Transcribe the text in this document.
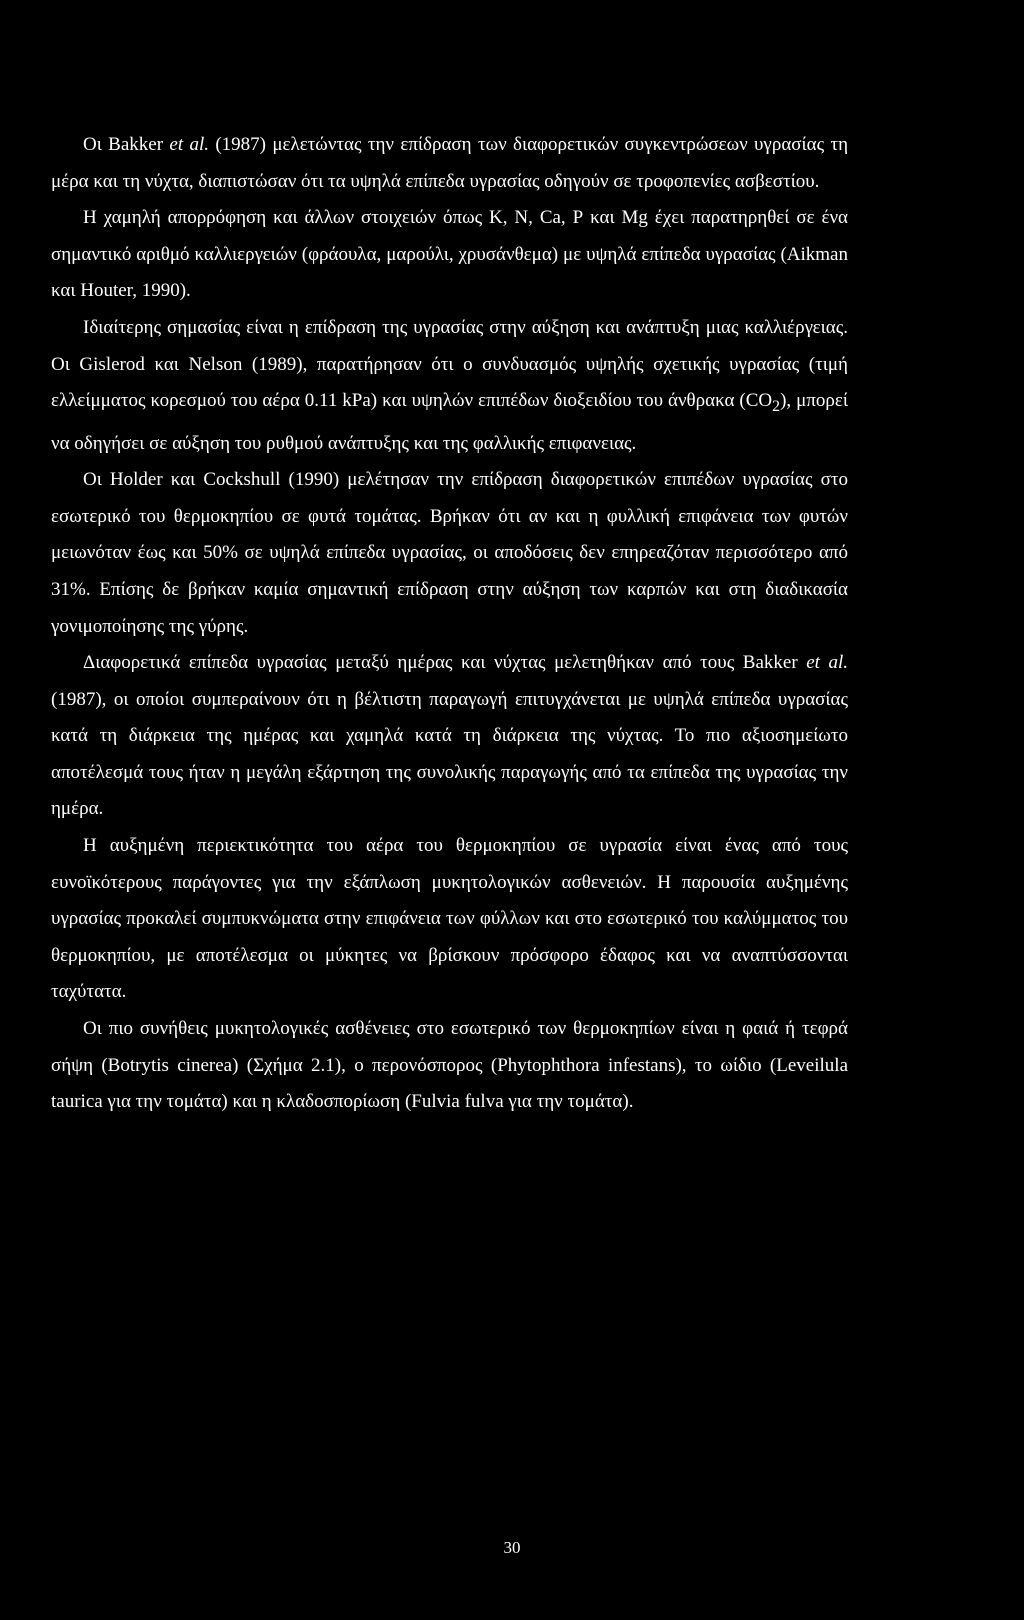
Οι Bakker et al. (1987) μελετώντας την επίδραση των διαφορετικών συγκεντρώσεων υγρασίας τη μέρα και τη νύχτα, διαπιστώσαν ότι τα υψηλά επίπεδα υγρασίας οδηγούν σε τροφοπενίες ασβεστίου.

Η χαμηλή απορρόφηση και άλλων στοιχειών όπως Κ, Ν, Ca, Ρ και Mg έχει παρατηρηθεί σε ένα σημαντικό αριθμό καλλιεργειών (φράουλα, μαρούλι, χρυσάνθεμα) με υψηλά επίπεδα υγρασίας (Aikman και Houter, 1990).

Ιδιαίτερης σημασίας είναι η επίδραση της υγρασίας στην αύξηση και ανάπτυξη μιας καλλιέργειας. Οι Gislerod και Nelson (1989), παρατήρησαν ότι ο συνδυασμός υψηλής σχετικής υγρασίας (τιμή ελλείμματος κορεσμού του αέρα 0.11 kPa) και υψηλών επιπέδων διοξειδίου του άνθρακα $(CO_2)$, μπορεί να οδηγήσει σε αύξηση του ρυθμού ανάπτυξης και της φαλλικής επιφανειας.

Οι Holder και Cockshull (1990) μελέτησαν την επίδραση διαφορετικών επιπέδων υγρασίας στο εσωτερικό του θερμοκηπίου σε φυτά τομάτας. Βρήκαν ότι αν και η φυλλική επιφάνεια των φυτών μειωνόταν έως και 50% σε υψηλά επίπεδα υγρασίας, οι αποδόσεις δεν επηρεαζόταν περισσότερο από 31%. Επίσης δε βρήκαν καμία σημαντική επίδραση στην αύξηση των καρπών και στη διαδικασία γονιμοποίησης της γύρης.

Διαφορετικά επίπεδα υγρασίας μεταξύ ημέρας και νύχτας μελετηθήκαν από τους Bakker et al. (1987), οι οποίοι συμπεραίνουν ότι η βέλτιστη παραγωγή επιτυγχάνεται με υψηλά επίπεδα υγρασίας κατά τη διάρκεια της ημέρας και χαμηλά κατά τη διάρκεια της νύχτας. Το πιο αξιοσημείωτο αποτέλεσμά τους ήταν η μεγάλη εξάρτηση της συνολικής παραγωγής από τα επίπεδα της υγρασίας την ημέρα.

Η αυξημένη περιεκτικότητα του αέρα του θερμοκηπίου σε υγρασία είναι ένας από τους ευνοϊκότερους παράγοντες για την εξάπλωση μυκητολογικών ασθενειών. Η παρουσία αυξημένης υγρασίας προκαλεί συμπυκνώματα στην επιφάνεια των φύλλων και στο εσωτερικό του καλύμματος του θερμοκηπίου, με αποτέλεσμα οι μύκητες να βρίσκουν πρόσφορο έδαφος και να αναπτύσσονται ταχύτατα.

Οι πιο συνήθεις μυκητολογικές ασθένειες στο εσωτερικό των θερμοκηπίων είναι η φαιά ή τεφρά σήψη (Botrytis cinerea) (Σχήμα 2.1), ο περονόσπορος (Phytophthora infestans), το ωίδιο (Leveilula taurica για την τομάτα) και η κλαδοσπορίωση (Fulvia fulva για την τομάτα).

30
